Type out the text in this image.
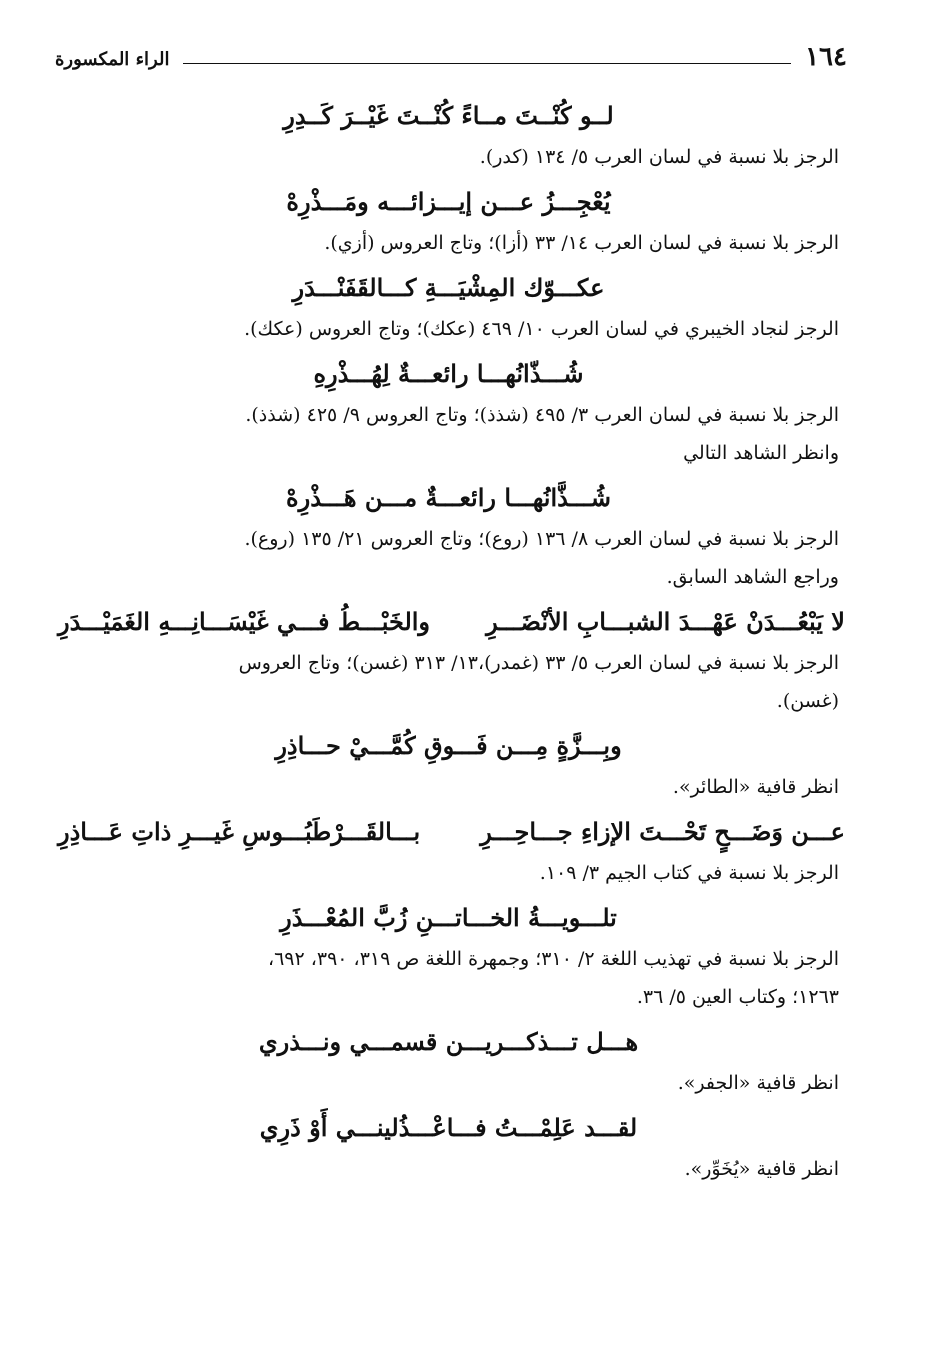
١٦٤
الراء المكسورة
لــو كُنْــتَ مــاءً كُنْــتَ غَيْــرَ كَــدِرِ
الرجز بلا نسبة في لسان العرب ٥/ ١٣٤ (كدر).
يُعْجِـــزُ عـــن إيـــزائـــه ومَـــذْرِهْ
الرجز بلا نسبة في لسان العرب ١٤/ ٣٣ (أزا)؛ وتاج العروس (أزي).
عكـــوّك المِشْيَـــةِ كـــالقَفَنْـــدَرِ
الرجز لنجاد الخيبري في لسان العرب ١٠/ ٤٦٩ (عكك)؛ وتاج العروس (عكك).
شُـــذّانُهـــا رائعـــةٌ لِهُـــذْرِهِ
الرجز بلا نسبة في لسان العرب ٣/ ٤٩٥ (شذذ)؛ وتاج العروس ٩/ ٤٢٥ (شذذ).
وانظر الشاهد التالي
شُـــذَّانُهـــا رائعـــةٌ مـــن هَـــذْرِهْ
الرجز بلا نسبة في لسان العرب ٨/ ١٣٦ (روع)؛ وتاج العروس ٢١/ ١٣٥ (روع).
وراجع الشاهد السابق.
لا يَبْعُـــدَنْ عَهْـــدَ الشبـــابِ الأنْضَـــرِ
والخَبْـــطُ فـــي غَيْسَـــانِـــهِ الغَمَيْـــدَرِ
الرجز بلا نسبة في لسان العرب ٥/ ٣٣ (غمدر)،١٣/ ٣١٣ (غسن)؛ وتاج العروس
(غسن).
وبِـــزَّةٍ مِـــن فَـــوقِ كُمَّـــيْ حـــاذِرِ
انظر قافية «الطائر».
عـــن وَضَـــحٍ تَحْـــتَ الإزاءِ جـــاحِـــرِ
بـــالقَـــرْطَبُـــوسِ غَيـــرِ ذاتِ عَـــاذِرِ
الرجز بلا نسبة في كتاب الجيم ٣/ ١٠٩.
تلـــويـــةُ الخـــاتـــنِ زُبَّ المُعْـــذَرِ
الرجز بلا نسبة في تهذيب اللغة ٢/ ٣١٠؛ وجمهرة اللغة ص ٣١٩، ٣٩٠، ٦٩٢،
١٢٦٣؛ وكتاب العين ٥/ ٣٦.
هـــل تـــذكـــريـــن قسمـــي ونـــذري
انظر قافية «الجفر».
لقـــد عَلِمْـــتُ فـــاعْـــذُلينـــي أَوْ ذَرِي
انظر قافية «يُخَوِّر».
